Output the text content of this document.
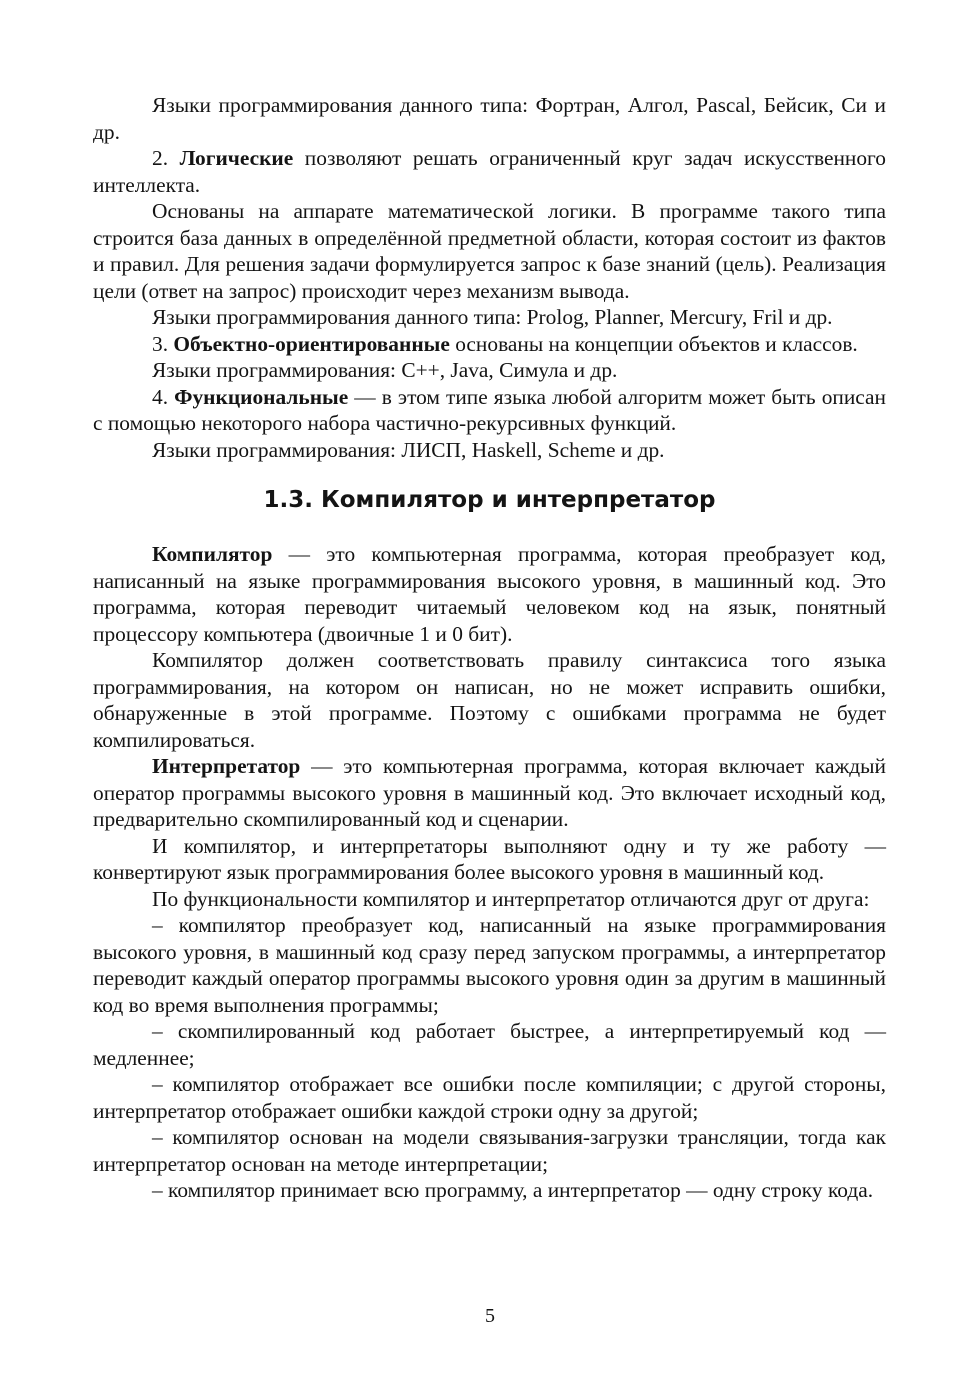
Языки программирования данного типа: Фортран, Алгол, Pascal, Бейсик, Си и др.

2. Логические позволяют решать ограниченный круг задач искусственного интеллекта.

Основаны на аппарате математической логики. В программе такого типа строится база данных в определённой предметной области, которая состоит из фактов и правил. Для решения задачи формулируется запрос к базе знаний (цель). Реализация цели (ответ на запрос) происходит через механизм вывода.

Языки программирования данного типа: Prolog, Planner, Mercury, Fril и др.

3. Объектно-ориентированные основаны на концепции объектов и классов.

Языки программирования: C++, Java, Симула и др.

4. Функциональные — в этом типе языка любой алгоритм может быть описан с помощью некоторого набора частично-рекурсивных функций.

Языки программирования: ЛИСП, Haskell, Scheme и др.

1.3. Компилятор и интерпретатор

Компилятор — это компьютерная программа, которая преобразует код, написанный на языке программирования высокого уровня, в машинный код. Это программа, которая переводит читаемый человеком код на язык, понятный процессору компьютера (двоичные 1 и 0 бит).

Компилятор должен соответствовать правилу синтаксиса того языка программирования, на котором он написан, но не может исправить ошибки, обнаруженные в этой программе. Поэтому с ошибками программа не будет компилироваться.

Интерпретатор — это компьютерная программа, которая включает каждый оператор программы высокого уровня в машинный код. Это включает исходный код, предварительно скомпилированный код и сценарии.

И компилятор, и интерпретаторы выполняют одну и ту же работу — конвертируют язык программирования более высокого уровня в машинный код.

По функциональности компилятор и интерпретатор отличаются друг от друга:

– компилятор преобразует код, написанный на языке программирования высокого уровня, в машинный код сразу перед запуском программы, а интерпретатор переводит каждый оператор программы высокого уровня один за другим в машинный код во время выполнения программы;

– скомпилированный код работает быстрее, а интерпретируемый код — медленнее;

– компилятор отображает все ошибки после компиляции; с другой стороны, интерпретатор отображает ошибки каждой строки одну за другой;

– компилятор основан на модели связывания-загрузки трансляции, тогда как интерпретатор основан на методе интерпретации;

– компилятор принимает всю программу, а интерпретатор — одну строку кода.

5
